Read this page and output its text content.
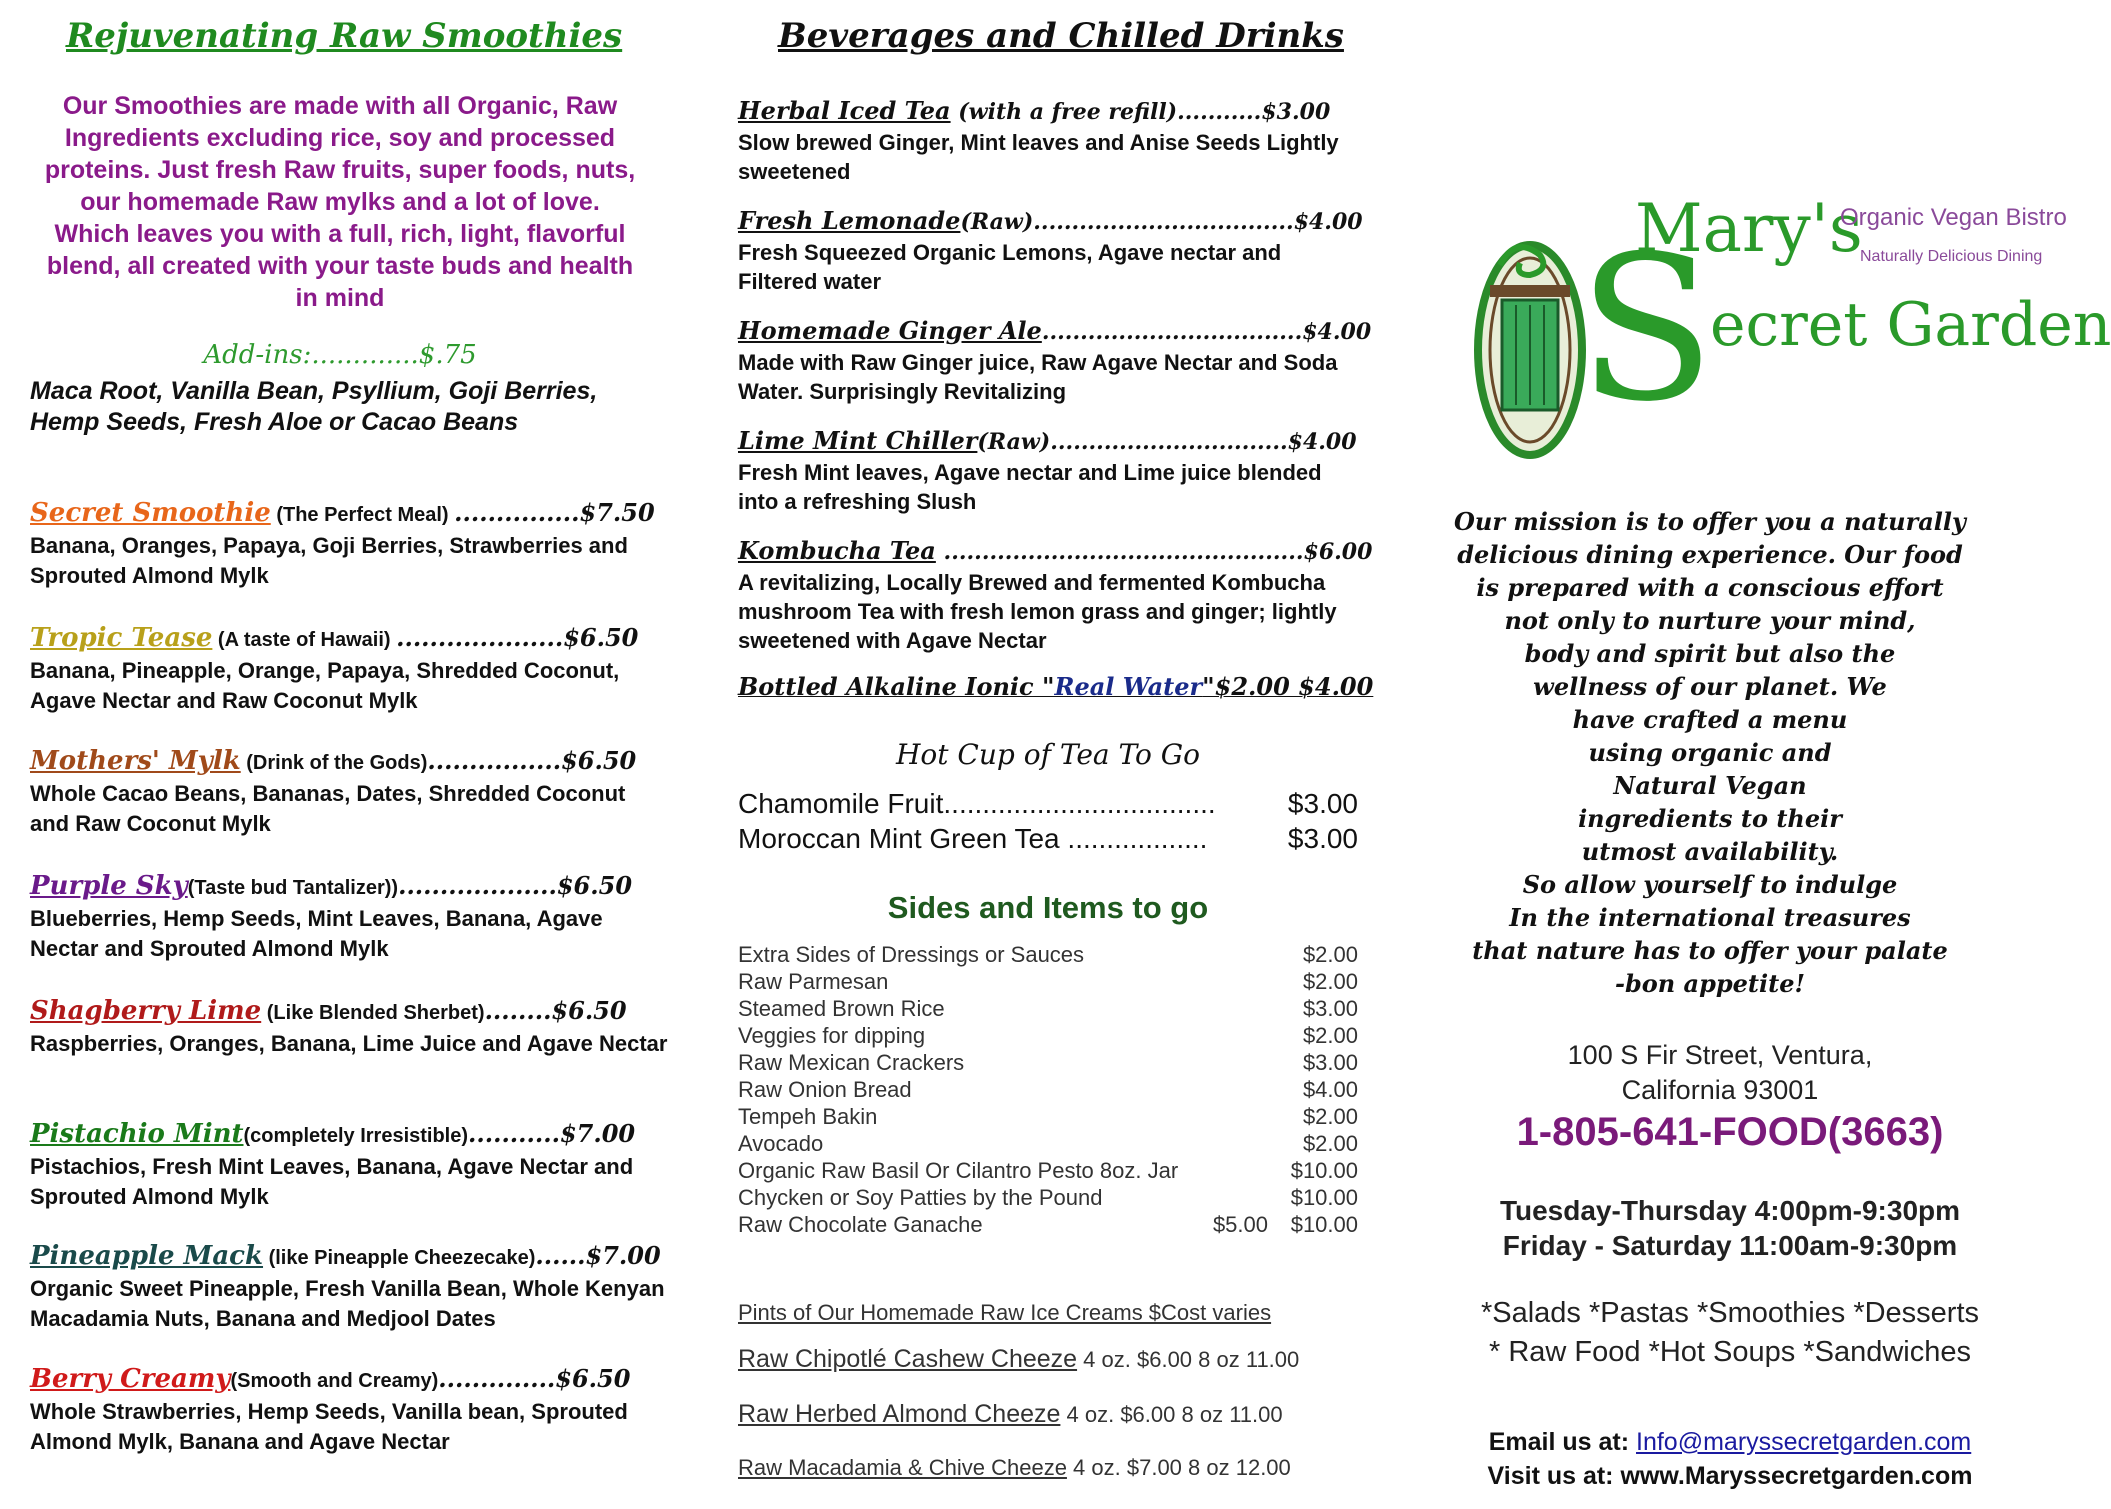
Rejuvenating Raw Smoothies
Our Smoothies are made with all Organic, Raw Ingredients excluding rice, soy and processed proteins. Just fresh Raw fruits, super foods, nuts, our homemade Raw mylks and a lot of love. Which leaves you with a full, rich, light, flavorful blend, all created with your taste buds and health in mind
Add-ins:.............$.75
Maca Root, Vanilla Bean, Psyllium, Goji Berries, Hemp Seeds, Fresh Aloe or Cacao Beans
Secret Smoothie (The Perfect Meal) ...............$7.50
Banana, Oranges, Papaya, Goji Berries, Strawberries and Sprouted Almond Mylk
Tropic Tease (A taste of Hawaii) ....................$6.50
Banana, Pineapple, Orange, Papaya, Shredded Coconut, Agave Nectar and Raw Coconut Mylk
Mothers' Mylk (Drink of the Gods)................$6.50
Whole Cacao Beans, Bananas, Dates, Shredded Coconut and Raw Coconut Mylk
Purple Sky(Taste bud Tantalizer))...................$6.50
Blueberries, Hemp Seeds, Mint Leaves, Banana, Agave Nectar and Sprouted Almond Mylk
Shagberry Lime (Like Blended Sherbet)........$6.50
Raspberries, Oranges, Banana, Lime Juice and Agave Nectar
Pistachio Mint(completely Irresistible)...........$7.00
Pistachios, Fresh Mint Leaves, Banana, Agave Nectar and Sprouted Almond Mylk
Pineapple Mack (like Pineapple Cheezecake)......$7.00
Organic Sweet Pineapple, Fresh Vanilla Bean, Whole Kenyan Macadamia Nuts, Banana and Medjool Dates
Berry Creamy(Smooth and Creamy)..............$6.50
Whole Strawberries, Hemp Seeds, Vanilla bean, Sprouted Almond Mylk, Banana and Agave Nectar
Beverages and Chilled Drinks
Herbal Iced Tea (with a free refill)...........$3.00
Slow brewed Ginger, Mint leaves and Anise Seeds Lightly sweetened
Fresh Lemonade(Raw)..................................$4.00
Fresh Squeezed Organic Lemons, Agave nectar and Filtered water
Homemade Ginger Ale..................................$4.00
Made with Raw Ginger juice, Raw Agave Nectar and Soda Water. Surprisingly Revitalizing
Lime Mint Chiller(Raw)...............................$4.00
Fresh Mint leaves, Agave nectar and Lime juice blended into a refreshing Slush
Kombucha Tea ...............................................$6.00
A revitalizing, Locally Brewed and fermented Kombucha mushroom Tea with fresh lemon grass and ginger; lightly sweetened with Agave Nectar
Bottled Alkaline Ionic "Real Water"$2.00 $4.00
Hot Cup of Tea To Go
Chamomile Fruit...................................	$3.00
Moroccan Mint Green Tea ..................	$3.00
Sides and Items to go
Extra Sides of Dressings or Sauces	$2.00
Raw Parmesan	$2.00
Steamed Brown Rice	$3.00
Veggies for dipping	$2.00
Raw Mexican Crackers	$3.00
Raw Onion Bread	$4.00
Tempeh Bakin	$2.00
Avocado	$2.00
Organic Raw Basil Or Cilantro Pesto 8oz. Jar	$10.00
Chycken or Soy Patties by the Pound	$10.00
Raw Chocolate Ganache	$5.00 $10.00
Pints of Our Homemade Raw Ice Creams $Cost varies
Raw Chipotlé Cashew Cheeze 4 oz. $6.00 8 oz 11.00
Raw Herbed Almond Cheeze 4 oz. $6.00 8 oz 11.00
Raw Macadamia & Chive Cheeze 4 oz. $7.00 8 oz 12.00
Mary's
S
ecret Garden
Organic Vegan Bistro
Naturally Delicious Dining
Our mission is to offer you a naturally
delicious dining experience. Our food
is prepared with a conscious effort
not only to nurture your mind,
body and spirit but also the
wellness of our planet. We
have crafted a menu
using organic and
Natural Vegan
ingredients to their
utmost availability.
So allow yourself to indulge
In the international treasures
that nature has to offer your palate
-bon appetite!
100 S Fir Street, Ventura,
California 93001
1-805-641-FOOD(3663)
Tuesday-Thursday 4:00pm-9:30pm
Friday - Saturday 11:00am-9:30pm
*Salads *Pastas *Smoothies *Desserts
* Raw Food *Hot Soups *Sandwiches
Email us at: Info@maryssecretgarden.com
Visit us at: www.Maryssecretgarden.com
